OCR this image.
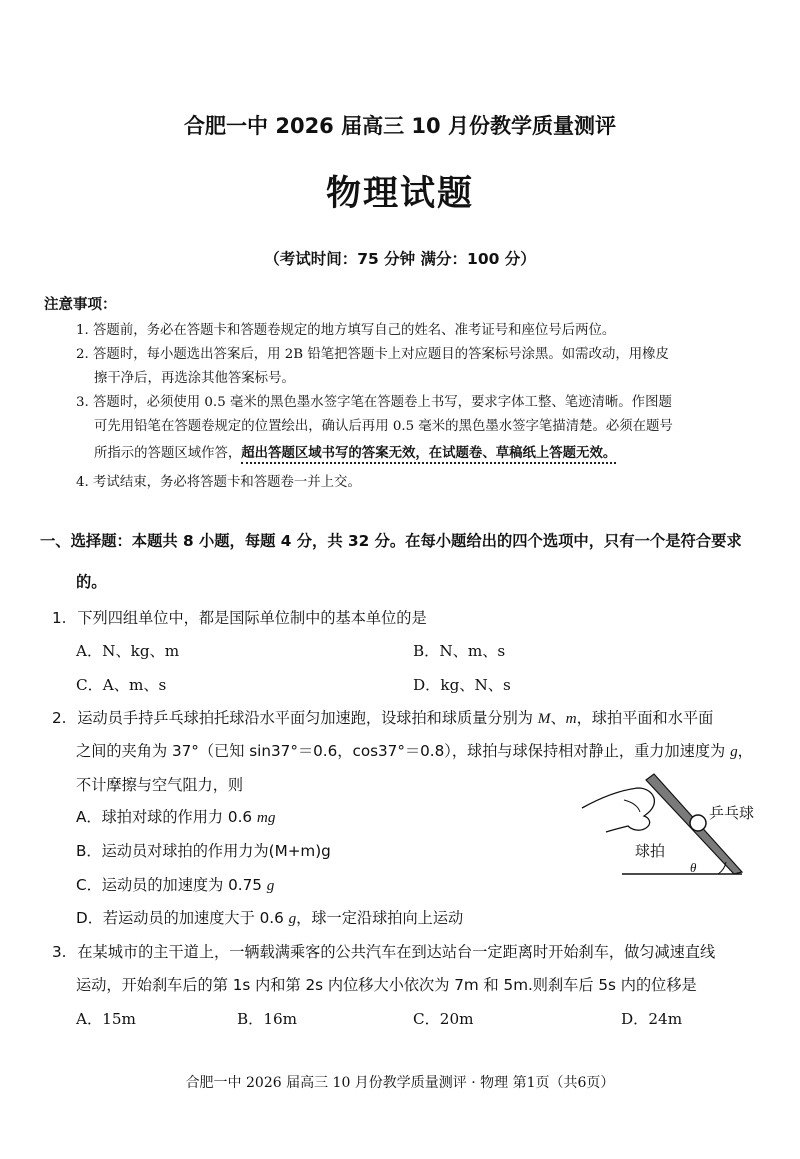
合肥一中 2026 届高三 10 月份教学质量测评
物理试题
（考试时间：75 分钟 满分：100 分）
注意事项：
1. 答题前，务必在答题卡和答题卷规定的地方填写自己的姓名、准考证号和座位号后两位。
2. 答题时，每小题选出答案后，用 2B 铅笔把答题卡上对应题目的答案标号涂黑。如需改动，用橡皮
擦干净后，再选涂其他答案标号。
3. 答题时，必须使用 0.5 毫米的黑色墨水签字笔在答题卷上书写，要求字体工整、笔迹清晰。作图题
可先用铅笔在答题卷规定的位置绘出，确认后再用 0.5 毫米的黑色墨水签字笔描清楚。必须在题号
所指示的答题区域作答，超出答题区域书写的答案无效，在试题卷、草稿纸上答题无效。
4. 考试结束，务必将答题卡和答题卷一并上交。
一、选择题：本题共 8 小题，每题 4 分，共 32 分。在每小题给出的四个选项中，只有一个是符合要求
的。
1. 下列四组单位中，都是国际单位制中的基本单位的是
A．N、kg、m	B．N、m、s
C．A、m、s	D．kg、N、s
2. 运动员手持乒乓球拍托球沿水平面匀加速跑，设球拍和球质量分别为 M、m，球拍平面和水平面
之间的夹角为 37°（已知 sin37°＝0.6，cos37°＝0.8），球拍与球保持相对静止，重力加速度为 g，
不计摩擦与空气阻力，则
A．球拍对球的作用力 0.6 mg
B．运动员对球拍的作用力为(M+m)g
C．运动员的加速度为 0.75 g
D．若运动员的加速度大于 0.6 g，球一定沿球拍向上运动
乒乓球
球拍
θ
3. 在某城市的主干道上，一辆载满乘客的公共汽车在到达站台一定距离时开始刹车，做匀减速直线
运动，开始刹车后的第 1s 内和第 2s 内位移大小依次为 7m 和 5m.则刹车后 5s 内的位移是
A．15m	B．16m	C．20m	D．24m
合肥一中 2026 届高三 10 月份教学质量测评 · 物理 第1页（共6页）
